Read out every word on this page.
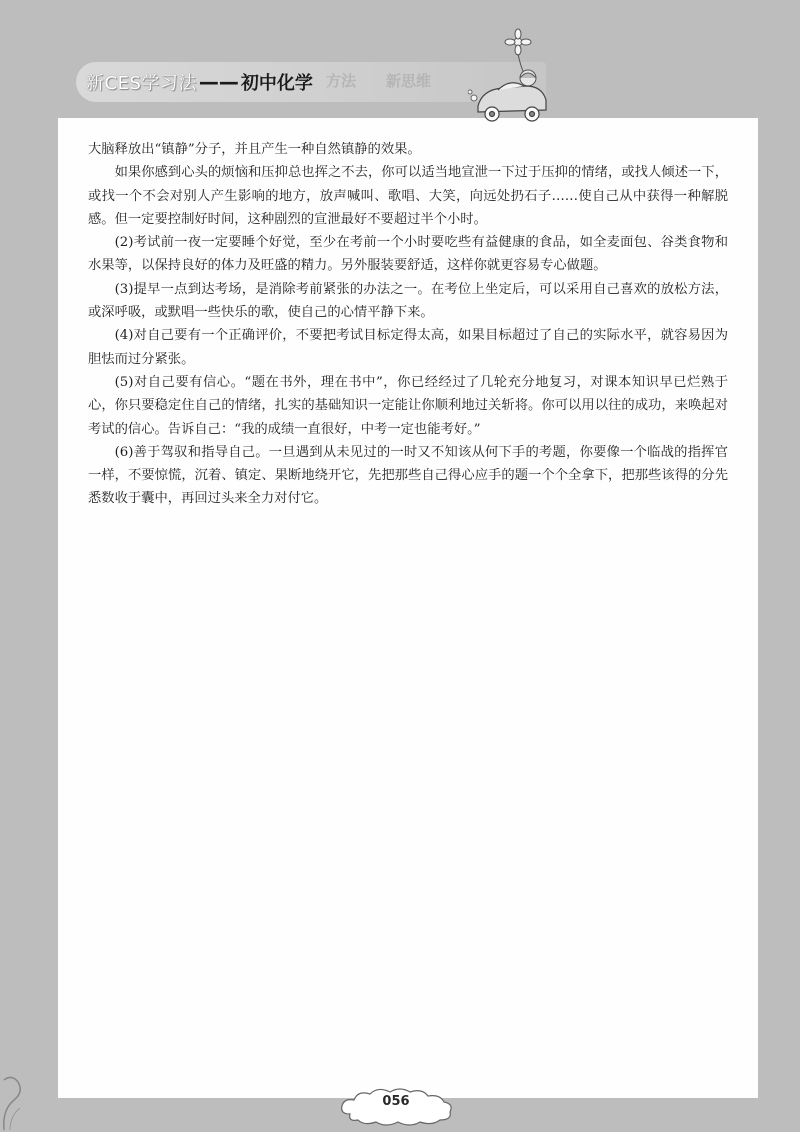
新CES学习法 —— 初中化学 方法 新思维

大脑释放出“镇静”分子，并且产生一种自然镇静的效果。

如果你感到心头的烦恼和压抑总也挥之不去，你可以适当地宣泄一下过于压抑的情绪，或找人倾述一下，或找一个不会对别人产生影响的地方，放声喊叫、歌唱、大笑，向远处扔石子……使自己从中获得一种解脱感。但一定要控制好时间，这种剧烈的宣泄最好不要超过半个小时。

(2)考试前一夜一定要睡个好觉，至少在考前一个小时要吃些有益健康的食品，如全麦面包、谷类食物和水果等，以保持良好的体力及旺盛的精力。另外服装要舒适，这样你就更容易专心做题。

(3)提早一点到达考场，是消除考前紧张的办法之一。在考位上坐定后，可以采用自己喜欢的放松方法，或深呼吸，或默唱一些快乐的歌，使自己的心情平静下来。

(4)对自己要有一个正确评价，不要把考试目标定得太高，如果目标超过了自己的实际水平，就容易因为胆怯而过分紧张。

(5)对自己要有信心。“题在书外，理在书中”，你已经经过了几轮充分地复习，对课本知识早已烂熟于心，你只要稳定住自己的情绪，扎实的基础知识一定能让你顺利地过关斩将。你可以用以往的成功，来唤起对考试的信心。告诉自己：“我的成绩一直很好，中考一定也能考好。”

(6)善于驾驭和指导自己。一旦遇到从未见过的一时又不知该从何下手的考题，你要像一个临战的指挥官一样，不要惊慌，沉着、镇定、果断地绕开它，先把那些自己得心应手的题一个个全拿下，把那些该得的分先悉数收于囊中，再回过头来全力对付它。

056
